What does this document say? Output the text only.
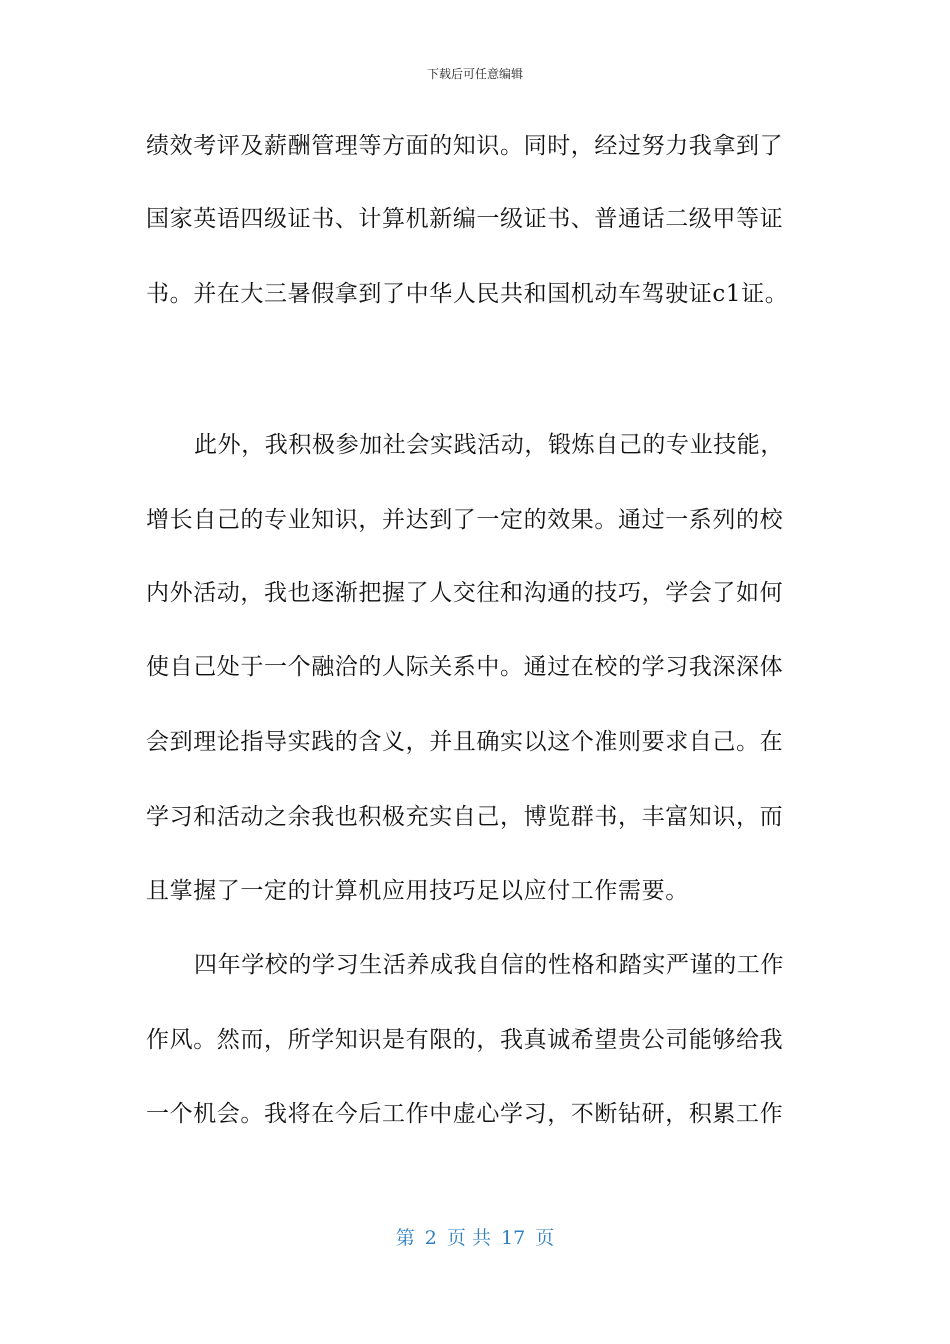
下载后可任意编辑
绩效考评及薪酬管理等方面的知识。同时，经过努力我拿到了
国家英语四级证书、计算机新编一级证书、普通话二级甲等证
书。并在大三暑假拿到了中华人民共和国机动车驾驶证c1证。
此外，我积极参加社会实践活动，锻炼自己的专业技能，
增长自己的专业知识，并达到了一定的效果。通过一系列的校
内外活动，我也逐渐把握了人交往和沟通的技巧，学会了如何
使自己处于一个融洽的人际关系中。通过在校的学习我深深体
会到理论指导实践的含义，并且确实以这个准则要求自己。在
学习和活动之余我也积极充实自己，博览群书，丰富知识，而
且掌握了一定的计算机应用技巧足以应付工作需要。
四年学校的学习生活养成我自信的性格和踏实严谨的工作
作风。然而，所学知识是有限的，我真诚希望贵公司能够给我
一个机会。我将在今后工作中虚心学习，不断钻研，积累工作
第 2 页 共 17 页
